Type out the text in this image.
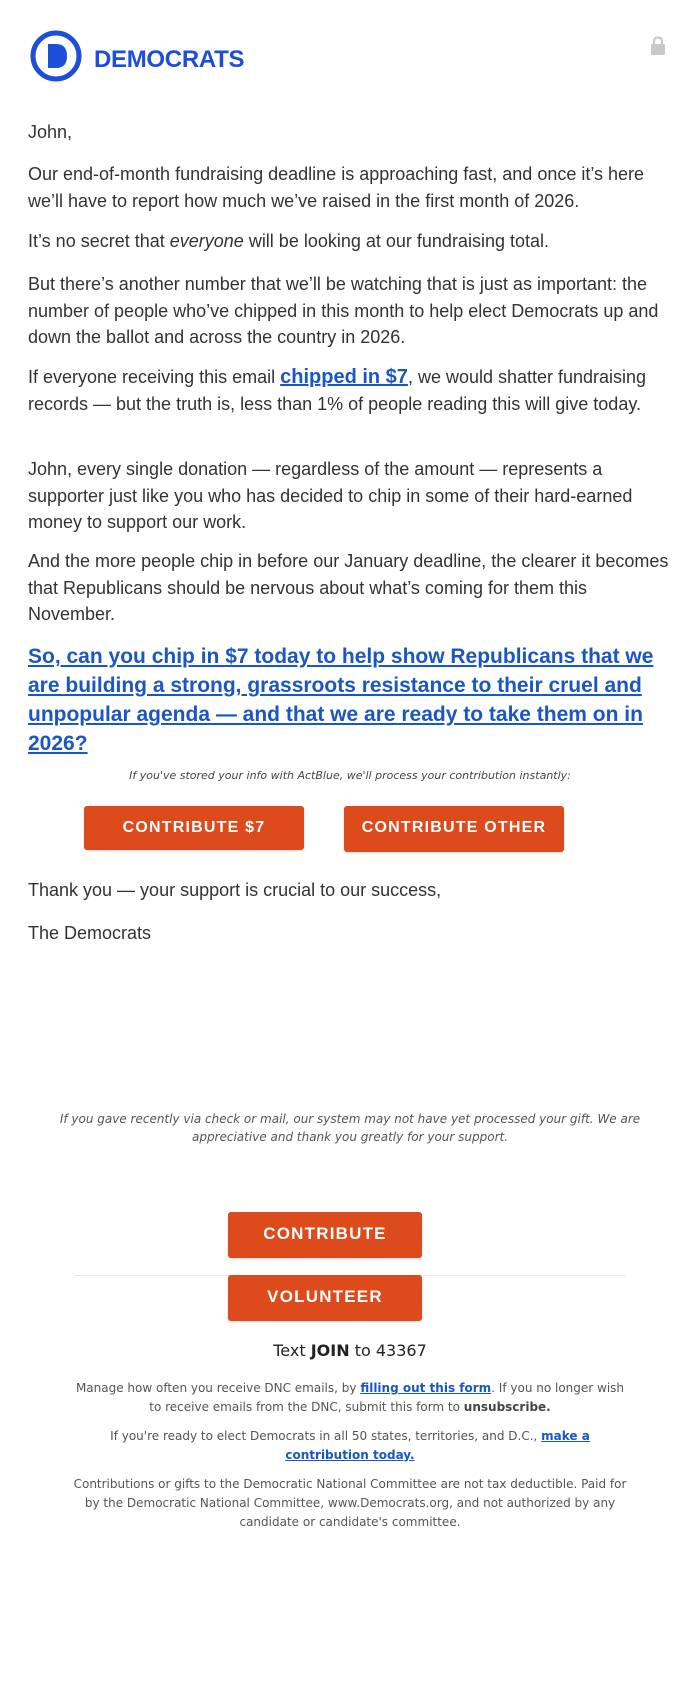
DEMOCRATS

John,

Our end-of-month fundraising deadline is approaching fast, and once it’s here we’ll have to report how much we’ve raised in the first month of 2026.

It’s no secret that everyone will be looking at our fundraising total.

But there’s another number that we’ll be watching that is just as important: the number of people who’ve chipped in this month to help elect Democrats up and down the ballot and across the country in 2026.

If everyone receiving this email chipped in $7, we would shatter fundraising records — but the truth is, less than 1% of people reading this will give today.

John, every single donation — regardless of the amount — represents a supporter just like you who has decided to chip in some of their hard-earned money to support our work.

And the more people chip in before our January deadline, the clearer it becomes that Republicans should be nervous about what’s coming for them this November.

So, can you chip in $7 today to help show Republicans that we are building a strong, grassroots resistance to their cruel and unpopular agenda — and that we are ready to take them on in 2026?

Thank you — your support is crucial to our success,

The Democrats

If you've stored your info with ActBlue, we'll process your contribution instantly:
CONTRIBUTE $7	CONTRIBUTE OTHER
If you gave recently via check or mail, our system may not have yet processed your gift. We are appreciative and thank you greatly for your support.
CONTRIBUTE
VOLUNTEER
Text JOIN to 43367
Manage how often you receive DNC emails, by filling out this form. If you no longer wish to receive emails from the DNC, submit this form to unsubscribe.
If you're ready to elect Democrats in all 50 states, territories, and D.C., make a contribution today.
Contributions or gifts to the Democratic National Committee are not tax deductible. Paid for by the Democratic National Committee, www.Democrats.org, and not authorized by any candidate or candidate's committee.
